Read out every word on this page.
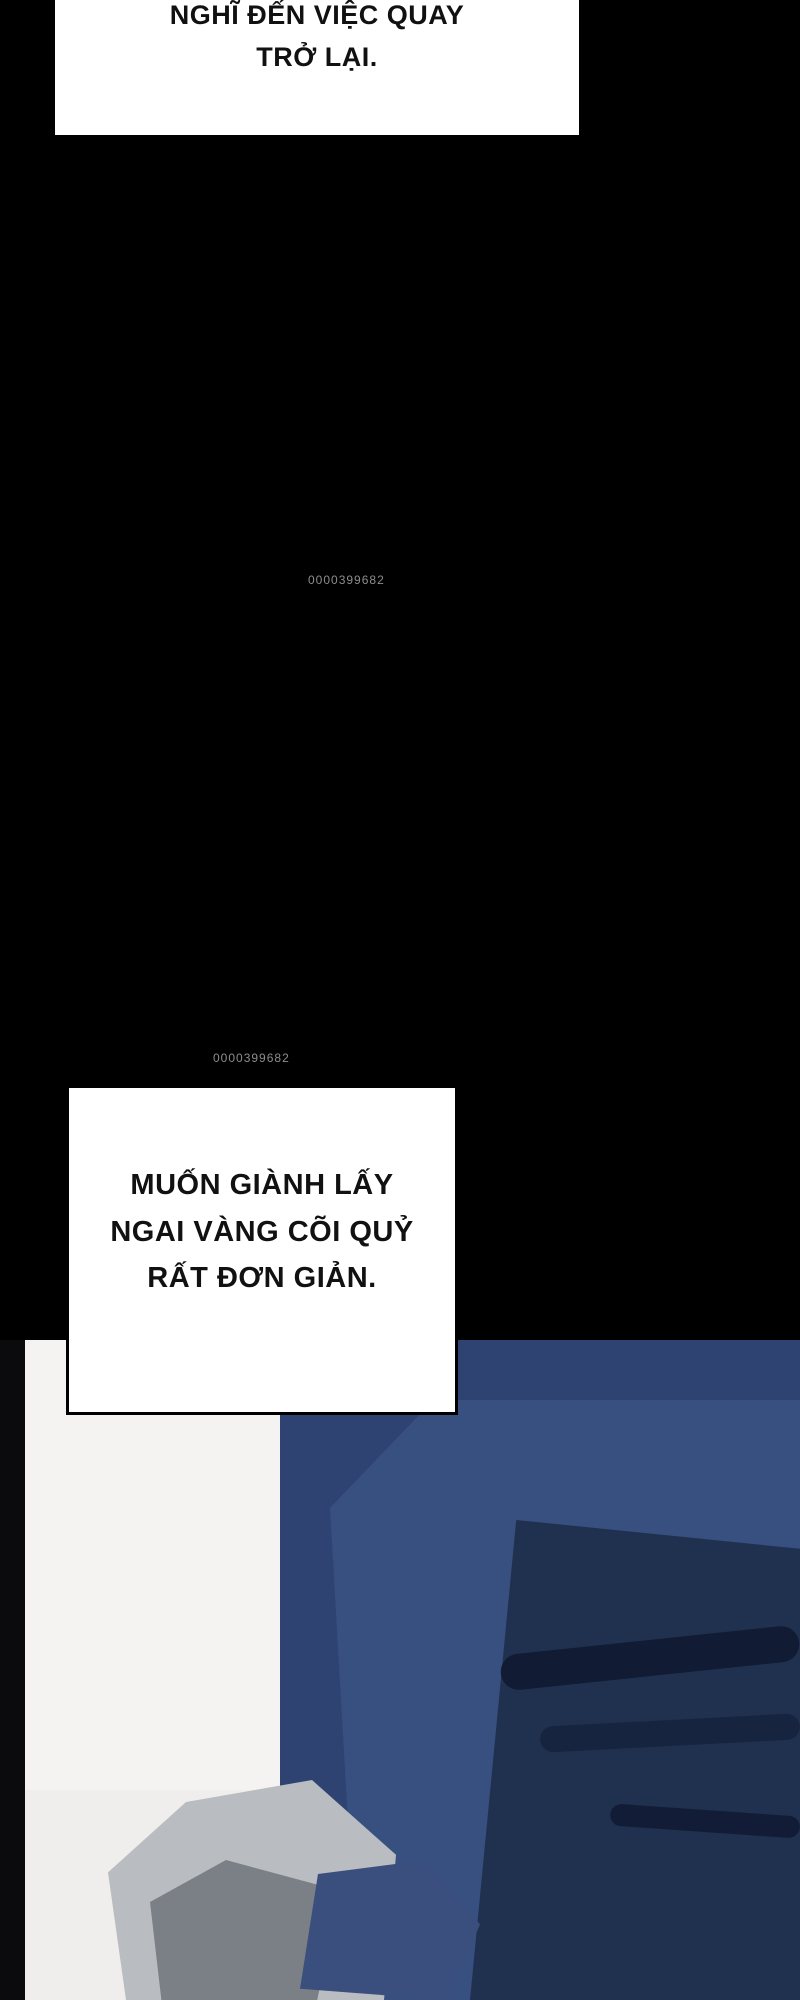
NGHĨ ĐẾN VIỆC QUAY
TRỞ LẠI.
0000399682
0000399682
MUỐN GIÀNH LẤY
NGAI VÀNG CÕI QUỶ
RẤT ĐƠN GIẢN.
